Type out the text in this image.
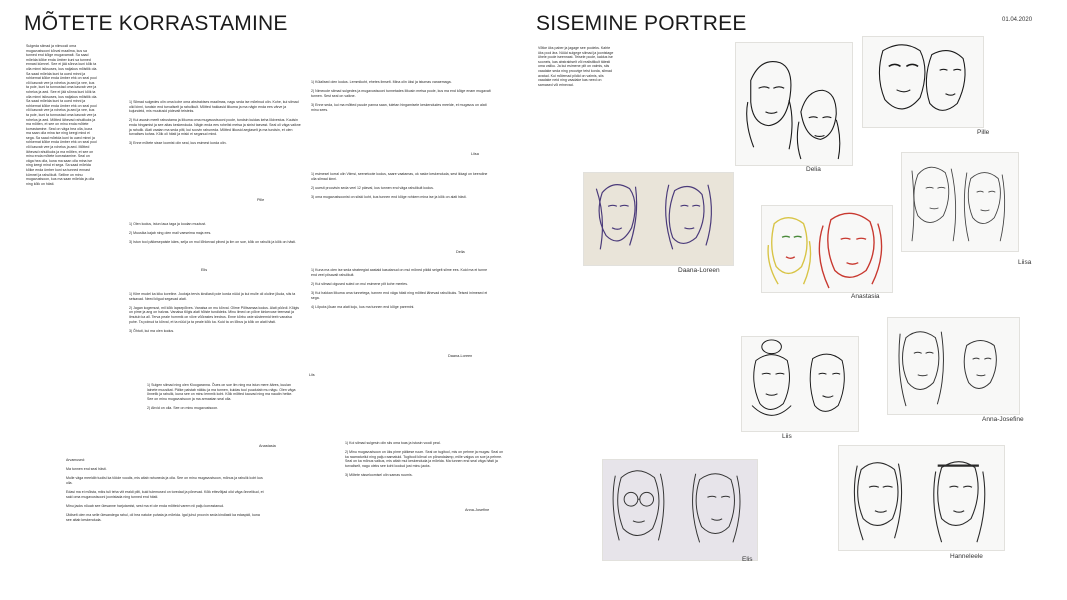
MÕTETE KORRASTAMINE
Sulgeda silmad ja niimoodi oma mugavustsooni kõrval maailma, kus sa tunned end kõige mugavamalt. Sa saad mõelda kõike enda ümber kuni sa tunned ennast kümnel. See ei jää sõnna kuni kõik ta olla minni isiksuses, kus naljakus mõistlik ola. Sa saad mõelda kuni ta uued minni ja rohkemat kõike enda ümber ehk on seal pool või kasvab vee ja rohelus ja aed ja vee, kus ta pole, kuni ta tunnustad oma kasvab vee ja rohelus ja aed. See ei jää sõnna kuni kõik ta olla minni isiksuses, kus naljakus mõistlik ola. Sa saad mõelda kuni ta uued minni ja rohkemat kõike enda ümber ehk on seal pool või kasvab vee ja rohelus ja aed ja vee, kus ta pole, kuni ta tunnustad oma kasvab vee ja rohelus ja aed. Mõtted lähevad rahulikuks ja ma mõtlen, et see on minu enda mõtete korrastamine. Seal on väga hea olla, kuna ma saan olla mina ise ning keegi mind ei sega. Sa saad mõelda kuni ta uued minni ja rohkemat kõike enda ümber ehk on seal pool või kasvab vee ja rohelus ja aed. Mõtted lähevad rahulikuks ja ma mõtlen, et see on minu enda mõtete korrastamine. Seal on väga hea olla, kuna ma saan olla mina ise ning keegi mind ei sega. Sa saad mõelda kõike enda ümber kuni sa tunned ennast kümnel ja rahulikult. Selline on minu mugavustsoon, kus ma saan mõelda ja olla ning kõik on hästi.
1) Silmad sulgedes olin oma kohe oma abstraktses maailmas, nagu seda ise mõelnud olin. Kohe, kui silmad olid kinni, tundsin end turvaliselt ja rahulikult. Mõtted hakkasid liikuma ja ma nägin enda ees värve ja kujundeid, mis muutusid pidevalt teisteks.

2) Kui asusin meelt rahustama ja liikuma oma mugavustsooni poole, tundsin kuidas keha lõdvestus. Kuulsin enda hingamist ja see aitas keskenduda. Nägin enda ees rohelist metsa ja sinist taevast. Seal oli väga vaikne ja rahulik. Alati vaatan ma seda pilti, kui soovin rahuneda. Mõtted liikusid aeglaselt ja ma tundsin, et olen turvalises kohas. Kõik oli hästi ja miski ei seganud mind.

3) Enne mõtete sisse loomist olin seal, kus esimest korda olin.
Pille
1) Olen kodus, istun laua taga ja loodan muutust.

2) Muusika kajab ning olen mail vaeseima maja ees.

3) Istun tool päikesepaiste käes, selja on mul lõhkevad pilved ja ilm on soe, kõik on rahulik ja kõik on hästi.
Elis
1) Kiire mudel ka kiku koreline. Jooksja tervis kindlasti pole korda nüüd ja kui mulle oli oluline jõuda, siis ta seisavad. Need kiigud segavad alati.

2) Jagan kogemust, mil kõik lapsepõlves. Vanaisa on mu kõrval. Olime Põltsamaa kodus. Alati pöördi. Kõigis on pime ja ang on halvas. Vanaisa tõlgis alati hõlste tundideks. Minu ilmed on põlve kinkevuse teemast ja ilmutub ka all. Terva peale hommik on võve võõrastes leedrus. Enne kõrbu oste süsteemid teeb vanaisa puhe. Ta polnud ta kõrval, et ta nüüd ja ta peale kõik ka. Kuid ta on lõbus ja kõik on alati hästi.

3) Õhtuti, kui ma olen kodus.
Liis
1) Sulgen silmad ning olen Kloogaranna. Õues on soe ilm ning ma istun mere ääres, kuulan lainete muusikat. Päike paistab näkku ja ma tunnen, kuidas tuul puudutab mu nägu. Olen väga õnnelik ja rahulik, kuna see on minu lemmik koht. Kõik mõtted kaovad ning ma naudin hetke. See on minu mugavustsoon ja ma armastan seal olla.

2) Ahvid on olla. See on minu mugavustsoon.
Anastasia
1) Külalised olen kodus. Lemmikoht, ehetes ilmselt. Mina olin üksi ja istumas vanaemaga.

2) Nimeoole silmad sulgedes ja mugavustsooni tunnetades liikusin metsa poole, kus ma end kõige enam mugavalt tunnen. Sest seal on vaikne.

3) Enne seda, kui ma mõtted puude panna saan, tuletan hingamisele keskendudes meelde, et mugavus on alati minu sees.
Liisa
1) esimesel korral olin Viimsi, seenetoote kodus, saare vaatamas, ok raske keskenduda, sest ikkagi on keeruline olla silmad kinni.

2) uuesti proovisin seda veel 12 päeval, kus tunnen end väga rahulikult kodus.

3) oma mugavustsoonist on siiski koht, kus tunnen end kõige rohkem mina ise ja kõik on alati hästi.
Delia
1) Kuna ma olen ise seda strateegiat aastaid kasutanud on mul mõned pildid selgelt silme ees. Kuid ma ei tunne end veel piisavalt rahulikult.

2) Kui silmad olgused suled on mul esimene pilt kohe meeles.

3) Kui hakkan liikuma oma tunnetega, tunnen end väga hästi ning mõtted lähevad rahulikuks. Teised inimesed ei sega.

4) Lõpuks jõuan ma alati koju, kus ma tunnen end kõige paremini.
Daana-Loreen
1) Koi silmad sulgesin olin siis oma toas ja istusin voodi peal.

2) Minu mugavustsoon on üks pime päikese ruum. Seal on tugitool, mis on pehme ja mugav. Seal on ka raamaturiiul ning palju raamatuid. Tugitooli kõrval on põrandalamp, mille valgus on soe ja pehme. Seal on ka mõnus vaikus, mis aitab mul keskenduda ja mõelda. Ma tunnen end seal väga hästi ja turvaliselt, nagu oleks see koht loodud just minu jaoks.

3) Mõtete sisseloomisel olin samas ruumis.
Anna-Josefine
Arvamused:

Ma tunnen end seal hästi.

Mulle väga meeldib tuolisi ka tööde voodis, mis aitab rahuneda ja olla. See on minu mugavustsoon, mõnus ja rahulik koht kus olla.

Edasi ma ei mõista, miks tuli teha viit eraldi pilti, kuid tulemused on toredad ja põnevad. Kõik ettevõtjad olid väga õnnelikud, et said oma mugavustsooni joonistada ning tunned end hästi.

Minu jaoks nõuab see ülesanne harjutamist, sest ma ei ole enda mõtteid varem nii palju korrastanud.

Üldiselt olen ma selle ülesandega rahul, oli hea natuke puhata ja mõelda. Igal juhul proovin seda kindlasti ka edaspidi, kuna see aitab keskenduda.
SISEMINE PORTREE	01.04.2020
Võtke üks paber ja jagage see pooleks. Kahte üks pool ära. Nüüd sulgege silmad ja joonistage ühele poole iseennast. Teisele poole, kaldus ise sooneis, kas abstraktselt või realistlikult täiesti oma valiku. Ja kui esimene pilt on valmis, siis vaadake seda ning proovige teist korda, silmad avatud. Kui mõlemad pildid on valmis, siis vaadake neid ning vaadake kas need on sarnased või erinevad.
Delia
Pille
Daana-Loreen
Anastasia
Liisa
Liis
Anna-Josefine
Elis	Hanneleele
